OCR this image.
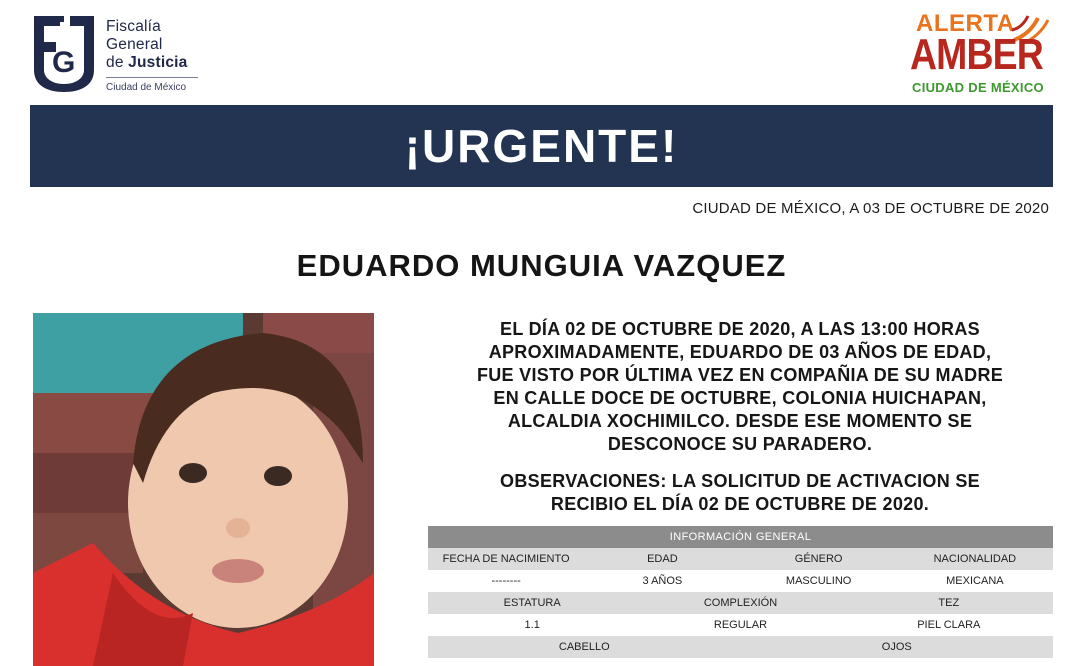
G
Fiscalía
General
de Justicia
Ciudad de México
ALERTA
AMBER
CIUDAD DE MÉXICO
¡URGENTE!
CIUDAD DE MÉXICO, A 03 DE OCTUBRE DE 2020
EDUARDO MUNGUIA VAZQUEZ
EL DÍA 02 DE OCTUBRE DE 2020, A LAS 13:00 HORAS
APROXIMADAMENTE, EDUARDO DE 03 AÑOS DE EDAD,
FUE VISTO POR ÚLTIMA VEZ EN COMPAÑIA DE SU MADRE
EN CALLE DOCE DE OCTUBRE, COLONIA HUICHAPAN,
ALCALDIA XOCHIMILCO. DESDE ESE MOMENTO SE
DESCONOCE SU PARADERO.
OBSERVACIONES: LA SOLICITUD DE ACTIVACION SE
RECIBIO EL DÍA 02 DE OCTUBRE DE 2020.
INFORMACIÓN GENERAL
FECHA DE NACIMIENTO	EDAD	GÉNERO	NACIONALIDAD
--------	3 AÑOS	MASCULINO	MEXICANA
ESTATURA	COMPLEXIÓN	TEZ
1.1	REGULAR	PIEL CLARA
CABELLO	OJOS
